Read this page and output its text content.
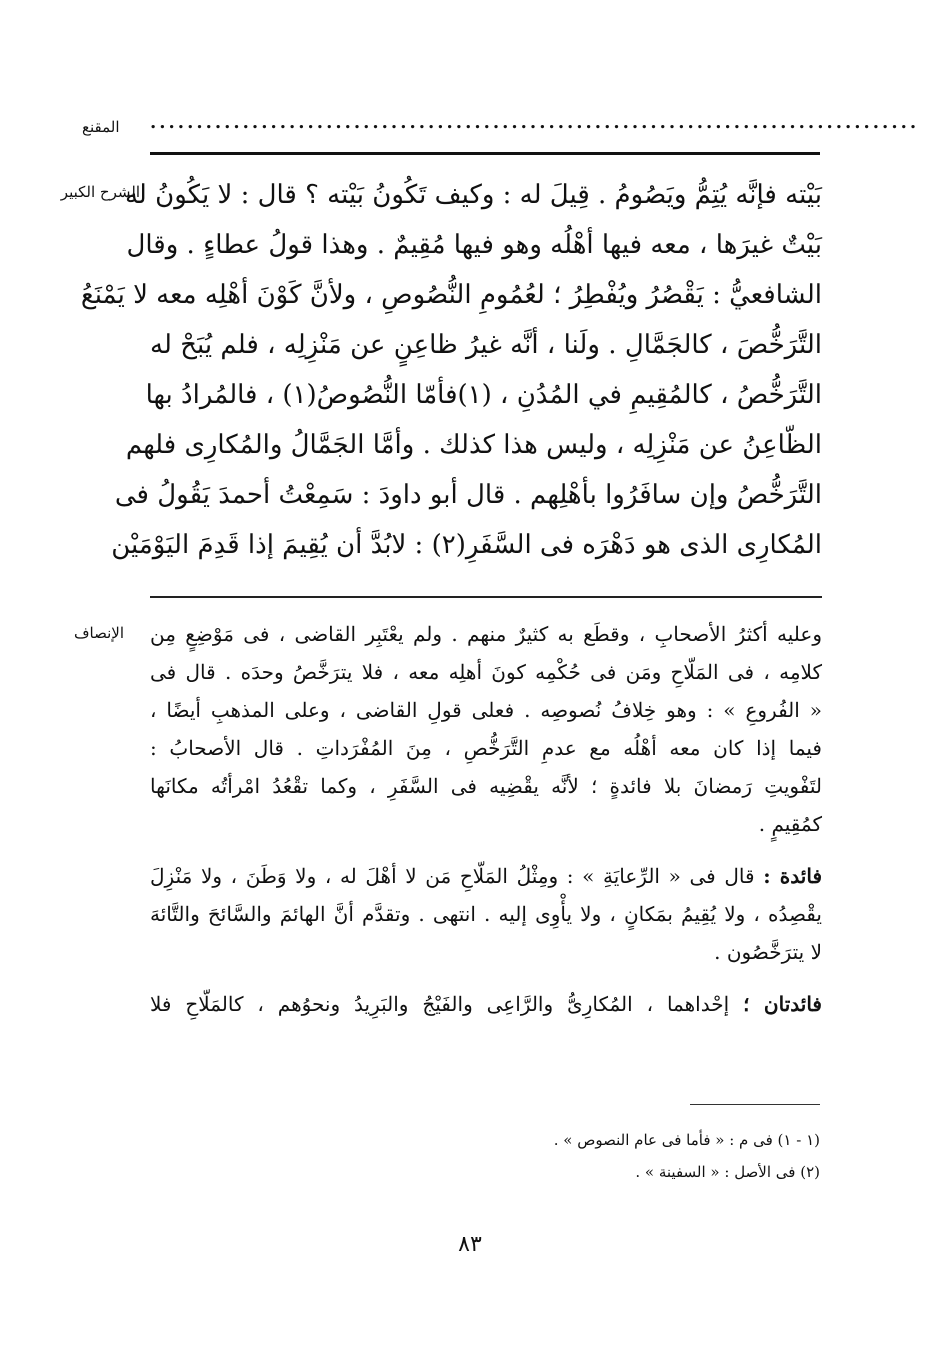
المقنع ...................................................................................
الشرح الكبير
بَيْته فإنَّه يُتِمُّ ويَصُومُ . قِيلَ له : وكيف تَكُونُ بَيْته ؟ قال : لا يَكُونُ له
بَيْتٌ غيرَها ، معه فيها أهْلُه وهو فيها مُقِيمٌ . وهذا قولُ عطاءٍ . وقال
الشافعيُّ : يَقْصُرُ ويُفْطِرُ ؛ لعُمُومِ النُّصُوصِ ، ولأنَّ كَوْنَ أهْلِه معه لا يَمْنَعُ
التَّرَخُّصَ ، كالجَمَّالِ . ولَنا ، أنَّه غيرُ ظاعِنٍ عن مَنْزِلِه ، فلم يُبَحْ له
التَّرَخُّصُ ، كالمُقِيمِ في المُدُنِ ، (١)فأمّا النُّصُوصُ(١) ، فالمُرادُ بها
الظّاعِنُ عن مَنْزِلِه ، وليس هذا كذلك . وأمَّا الجَمَّالُ والمُكارِى فلهم
التَّرَخُّصُ وإن سافَرُوا بأهْلِهم . قال أبو داودَ : سَمِعْتُ أحمدَ يَقُولُ فى
المُكارِى الذى هو دَهْرَه فى السَّفَرِ(٢) : لابُدَّ أن يُقِيمَ إذا قَدِمَ اليَوْمَيْن
الإنصاف وعليه أكثرُ الأصحابِ ، وقطَع به كثيرٌ منهم . ولم يعْتَبِر القاضى ، فى مَوْضِعٍ مِن
كلامِه ، فى المَلّاحِ ومَن فى حُكْمِه كونَ أهلِه معه ، فلا يترَخَّصُ وحدَه . قال فى
« الفُروعِ » : وهو خِلافُ نُصوصِه . فعلى قولِ القاضى ، وعلى المذهبِ أيضًا ،
فيما إذا كان معه أهْلُه مع عدمِ التَّرَخُّصِ ، مِنَ المُفْرَداتِ . قال الأصحابُ :
لتَفْويتِ رَمضانَ بلا فائدةٍ ؛ لأنَّه يقْضِيه فى السَّفَرِ ، وكما تقْعُدُ امْرأتُه مكانَها
كمُقِيمٍ .
فائدة : قال فى « الرِّعايَةِ » : ومِثْلُ المَلّاحِ مَن لا أهْلَ له ، ولا وَطَنَ ، ولا مَنْزِلَ
يقْصِدُه ، ولا يُقِيمُ بمَكانٍ ، ولا يأْوِى إليه . انتهى . وتقدَّم أنَّ الهائمَ والسَّائحَ والتَّائهَ
لا يترَخَّصُون .
فائدتان ؛ إحْداهما ، المُكارِىُّ والرَّاعِى والفَيْجُ والبَرِيدُ ونحوُهم ، كالمَلّاحِ فلا
(١ - ١) فى م : « فأما فى عام النصوص » .
(٢) فى الأصل : « السفينة » .
٨٣
